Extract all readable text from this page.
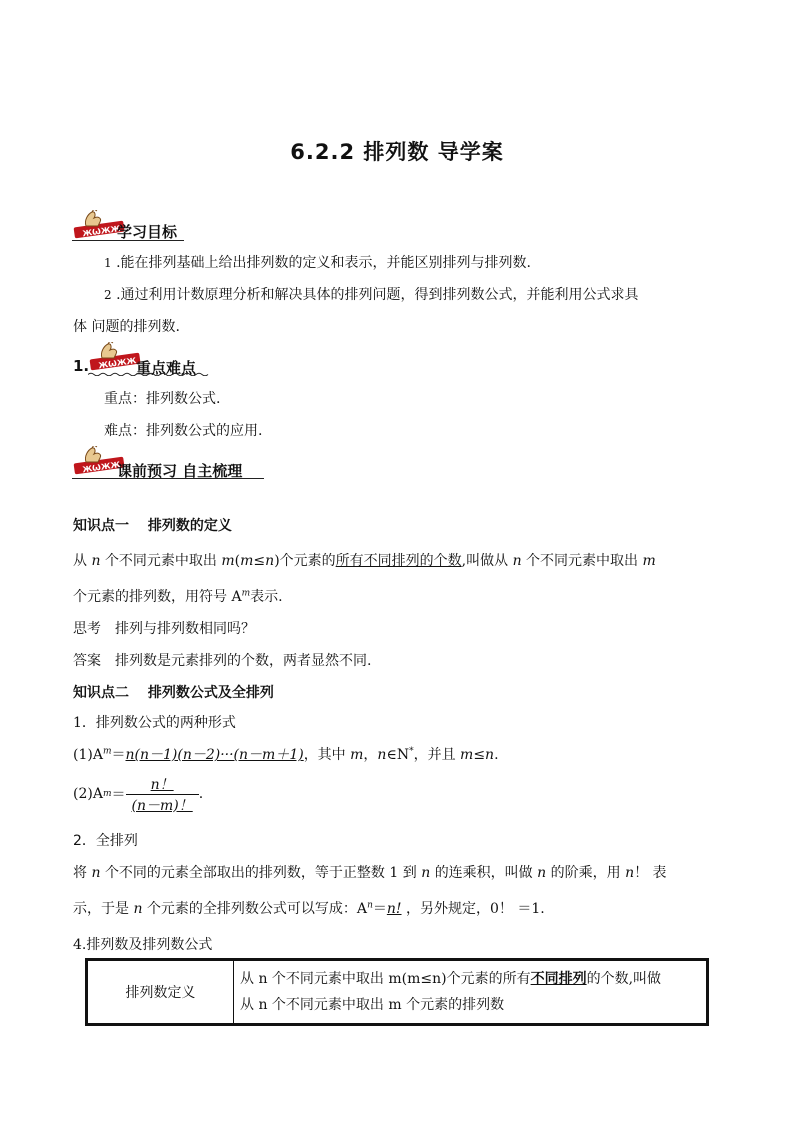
6.2.2 排列数 导学案
学习目标
1 .能在排列基础上给出排列数的定义和表示，并能区别排列与排列数.
2 .通过利用计数原理分析和解决具体的排列问题，得到排列数公式，并能利用公式求具
体 问题的排列数.
1.	重点难点
重点：排列数公式.
难点：排列数公式的应用.
课前预习 自主梳理
知识点一　 排列数的定义
从 n 个不同元素中取出 m(m≤n)个元素的所有不同排列的个数,叫做从 n 个不同元素中取出 m
个元素的排列数，用符号 $A^m$表示.
思考　排列与排列数相同吗？
答案　排列数是元素排列的个数，两者显然不同.
知识点二　 排列数公式及全排列
1．排列数公式的两种形式
$(1)A^m=n(n-1)(n-2)\cdot\cdot\cdot(n-m+1)$，其中 m，n∈N*，并且 m≤n.
(2)A $m = \frac{n!}{(n-m)!}$ .
2．全排列
将 n 个不同的元素全部取出的排列数，等于正整数 1 到 n 的连乘积，叫做 n 的阶乘，用 n！ 表
示，于是 n 个元素的全排列数公式可以写成：$A^n=n$! ，另外规定，0！ ＝1.
4.排列数及排列数公式
排列数定义	
从 n 个不同元素中取出 m(m≤n)个元素的所有不同排列的个数,叫做
从 n 个不同元素中取出 m 个元素的排列数
